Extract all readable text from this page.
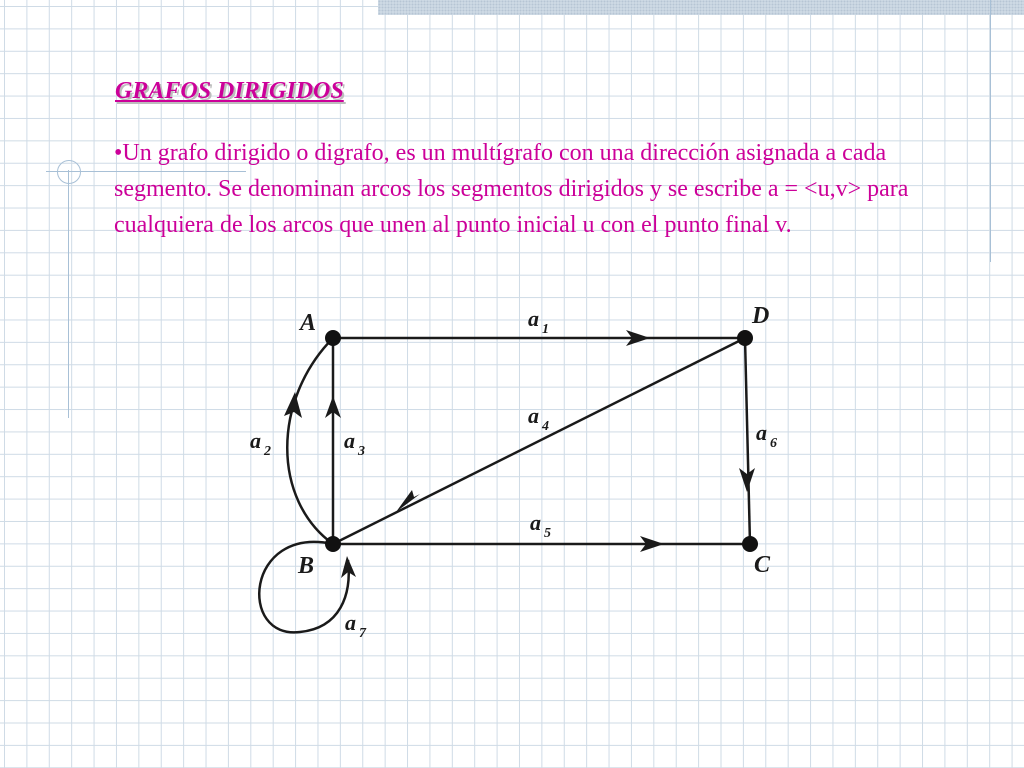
GRAFOS DIRIGIDOS

•Un grafo dirigido o digrafo, es un multígrafo con una dirección asignada a cada segmento. Se denominan arcos los segmentos dirigidos y se escribe a = <u,v> para cualquiera de los arcos que unen al punto inicial u con el punto final v.

A
B	C
D
a 1
a 2	a 3
a 4
a 5
a 6
a 7
